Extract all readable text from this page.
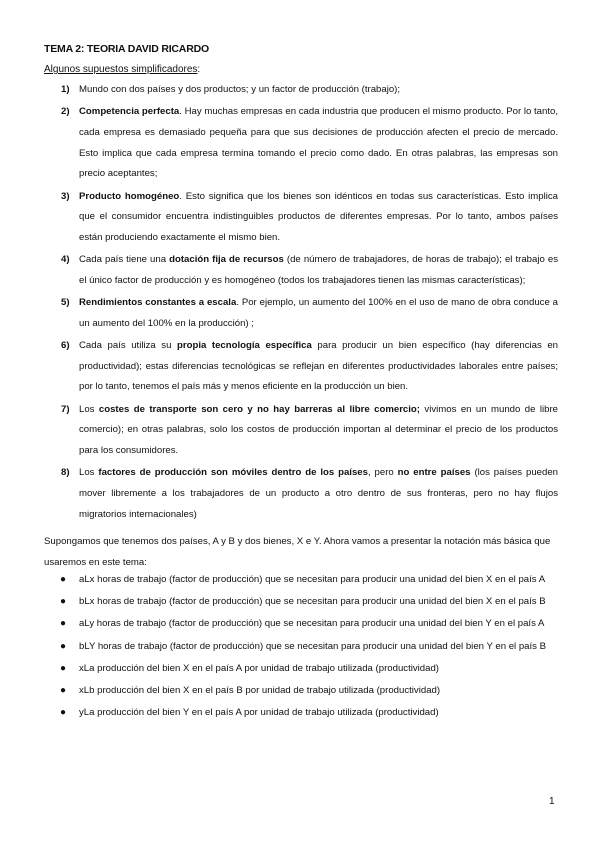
TEMA 2: TEORIA DAVID RICARDO
Algunos supuestos simplificadores:
1) Mundo con dos países y dos productos; y un factor de producción (trabajo);
2) Competencia perfecta. Hay muchas empresas en cada industria que producen el mismo producto. Por lo tanto, cada empresa es demasiado pequeña para que sus decisiones de producción afecten el precio de mercado. Esto implica que cada empresa termina tomando el precio como dado. En otras palabras, las empresas son precio aceptantes;
3) Producto homogéneo. Esto significa que los bienes son idénticos en todas sus características. Esto implica que el consumidor encuentra indistinguibles productos de diferentes empresas. Por lo tanto, ambos países están produciendo exactamente el mismo bien.
4) Cada país tiene una dotación fija de recursos (de número de trabajadores, de horas de trabajo); el trabajo es el único factor de producción y es homogéneo (todos los trabajadores tienen las mismas características);
5) Rendimientos constantes a escala. Por ejemplo, un aumento del 100% en el uso de mano de obra conduce a un aumento del 100% en la producción) ;
6) Cada país utiliza su propia tecnología específica para producir un bien específico (hay diferencias en productividad); estas diferencias tecnológicas se reflejan en diferentes productividades laborales entre países; por lo tanto, tenemos el país más y menos eficiente en la producción un bien.
7) Los costes de transporte son cero y no hay barreras al libre comercio; vivimos en un mundo de libre comercio); en otras palabras, solo los costos de producción importan al determinar el precio de los productos para los consumidores.
8) Los factores de producción son móviles dentro de los países, pero no entre países (los países pueden mover libremente a los trabajadores de un producto a otro dentro de sus fronteras, pero no hay flujos migratorios internacionales)
Supongamos que tenemos dos países, A y B y dos bienes, X e Y. Ahora vamos a presentar la notación más básica que usaremos en este tema:
● aLx horas de trabajo (factor de producción) que se necesitan para producir una unidad del bien X en el país A
● bLx horas de trabajo (factor de producción) que se necesitan para producir una unidad del bien X en el país B
● aLy horas de trabajo (factor de producción) que se necesitan para producir una unidad del bien Y en el país A
● bLY horas de trabajo (factor de producción) que se necesitan para producir una unidad del bien Y en el país B
● xLa producción del bien X en el país A por unidad de trabajo utilizada (productividad)
● xLb producción del bien X en el país B por unidad de trabajo utilizada (productividad)
● yLa producción del bien Y en el país A por unidad de trabajo utilizada (productividad)
1
